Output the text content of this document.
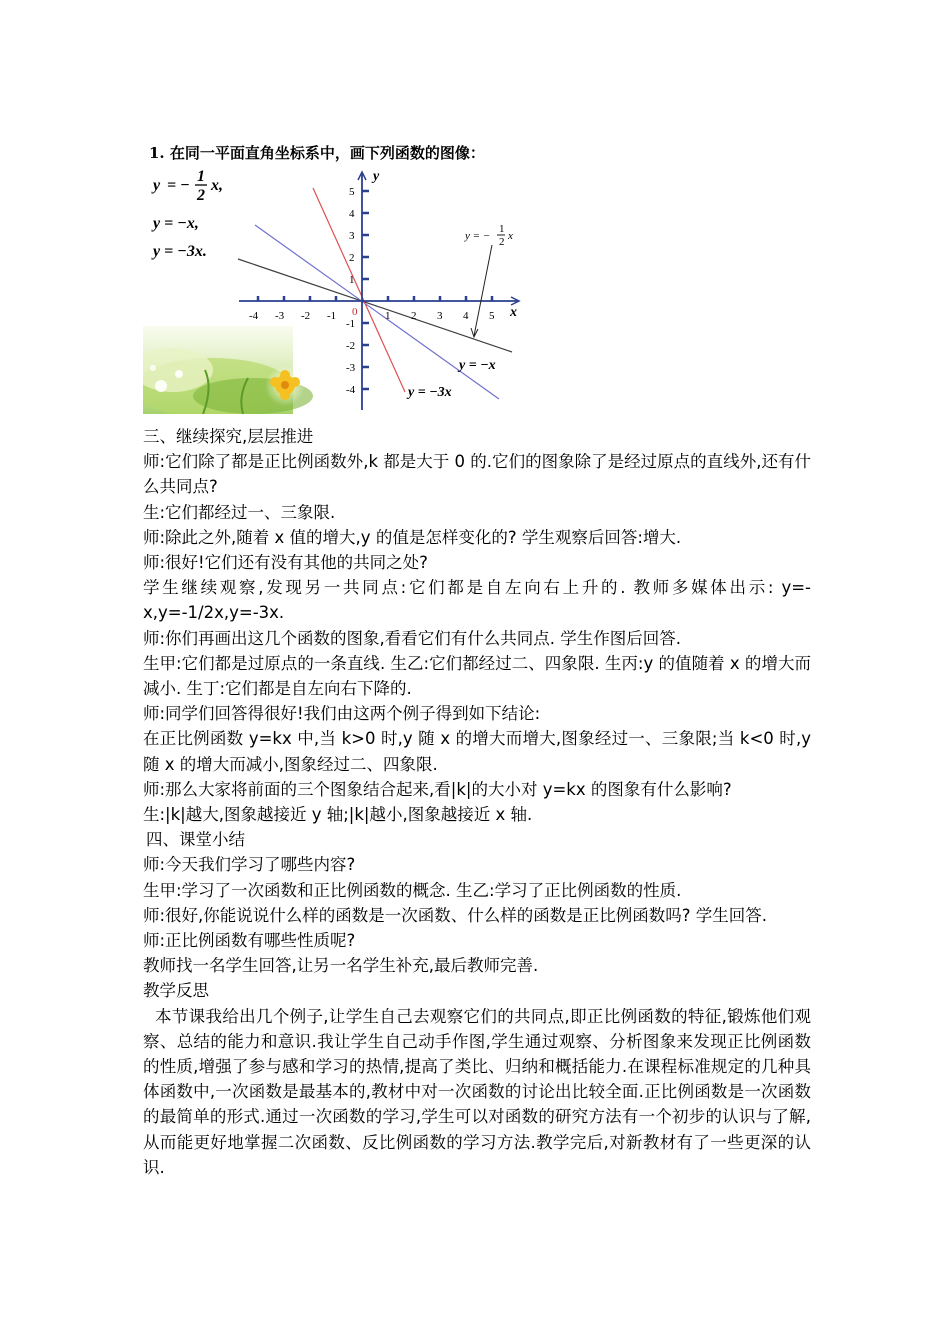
1. 在同一平面直角坐标系中，画下列函数的图像：
y = −
1
2
x,
y = −x,
y = −3x.
x
y
0
-4 -3 -2 -1	1 2 3 4 5
5
4
3
2
1
-1
-2
-3
-4
y = −
1
2 x
y = −x
y = −3x

三、继续探究,层层推进

师:它们除了都是正比例函数外,k 都是大于 0 的.它们的图象除了是经过原点的直线外,还有什么共同点?

生:它们都经过一、三象限.

师:除此之外,随着 x 值的增大,y 的值是怎样变化的? 学生观察后回答:增大.

师:很好!它们还有没有其他的共同之处?

学生继续观察,发现另一共同点:它们都是自左向右上升的. 教师多媒体出示: y=-x,y=-1/2x,y=-3x.

师:你们再画出这几个函数的图象,看看它们有什么共同点. 学生作图后回答.

生甲:它们都是过原点的一条直线. 生乙:它们都经过二、四象限. 生丙:y 的值随着 x 的增大而减小. 生丁:它们都是自左向右下降的.

师:同学们回答得很好!我们由这两个例子得到如下结论:

在正比例函数 y=kx 中,当 k>0 时,y 随 x 的增大而增大,图象经过一、三象限;当 k<0 时,y 随 x 的增大而减小,图象经过二、四象限.

师:那么大家将前面的三个图象结合起来,看|k|的大小对 y=kx 的图象有什么影响?

生:|k|越大,图象越接近 y 轴;|k|越小,图象越接近 x 轴.

四、课堂小结

师:今天我们学习了哪些内容?

生甲:学习了一次函数和正比例函数的概念. 生乙:学习了正比例函数的性质.

师:很好,你能说说什么样的函数是一次函数、什么样的函数是正比例函数吗? 学生回答.

师:正比例函数有哪些性质呢?

教师找一名学生回答,让另一名学生补充,最后教师完善.

教学反思

本节课我给出几个例子,让学生自己去观察它们的共同点,即正比例函数的特征,锻炼他们观察、总结的能力和意识.我让学生自己动手作图,学生通过观察、分析图象来发现正比例函数的性质,增强了参与感和学习的热情,提高了类比、归纳和概括能力.在课程标准规定的几种具体函数中,一次函数是最基本的,教材中对一次函数的讨论出比较全面.正比例函数是一次函数的最简单的形式.通过一次函数的学习,学生可以对函数的研究方法有一个初步的认识与了解,从而能更好地掌握二次函数、反比例函数的学习方法.教学完后,对新教材有了一些更深的认识.
